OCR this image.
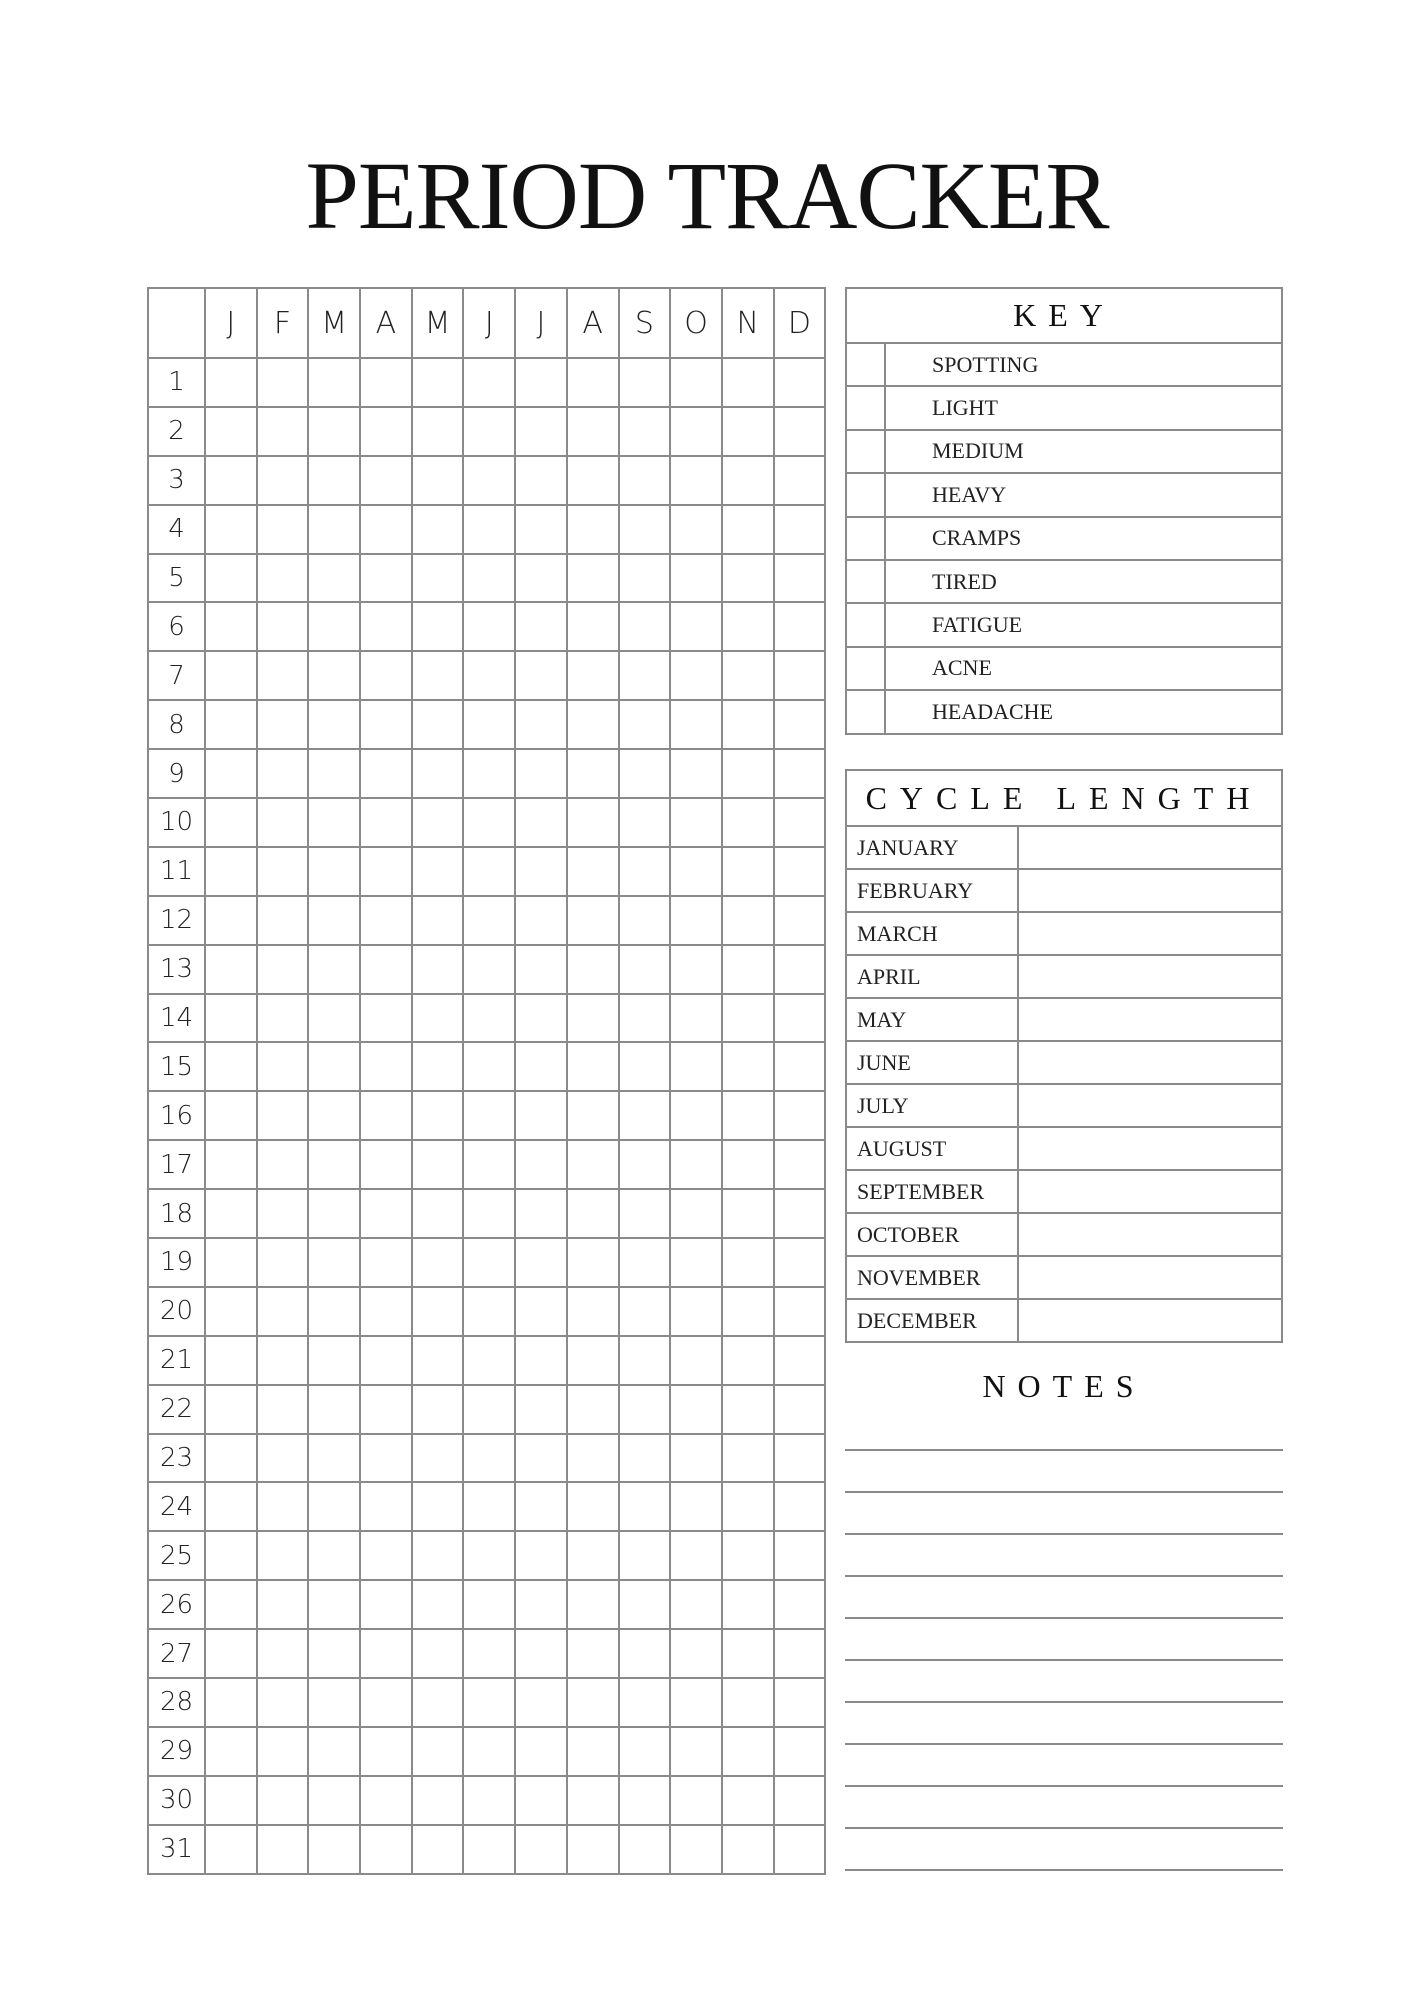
PERIOD TRACKER
	J	F	M	A	M	J	J	A	S	O	N	D
1												
2												
3												
4												
5												
6												
7												
8												
9												
10												
11												
12												
13												
14												
15												
16												
17												
18												
19												
20												
21												
22												
23												
24												
25												
26												
27												
28												
29												
30												
31												
KEY	
	SPOTTING
	LIGHT
	MEDIUM
	HEAVY
	CRAMPS
	TIRED
	FATIGUE
	ACNE
	HEADACHE
CYCLE LENGTH	
JANUARY	
FEBRUARY	
MARCH	
APRIL	
MAY	
JUNE	
JULY	
AUGUST	
SEPTEMBER	
OCTOBER	
NOVEMBER	
DECEMBER	
NOTES
